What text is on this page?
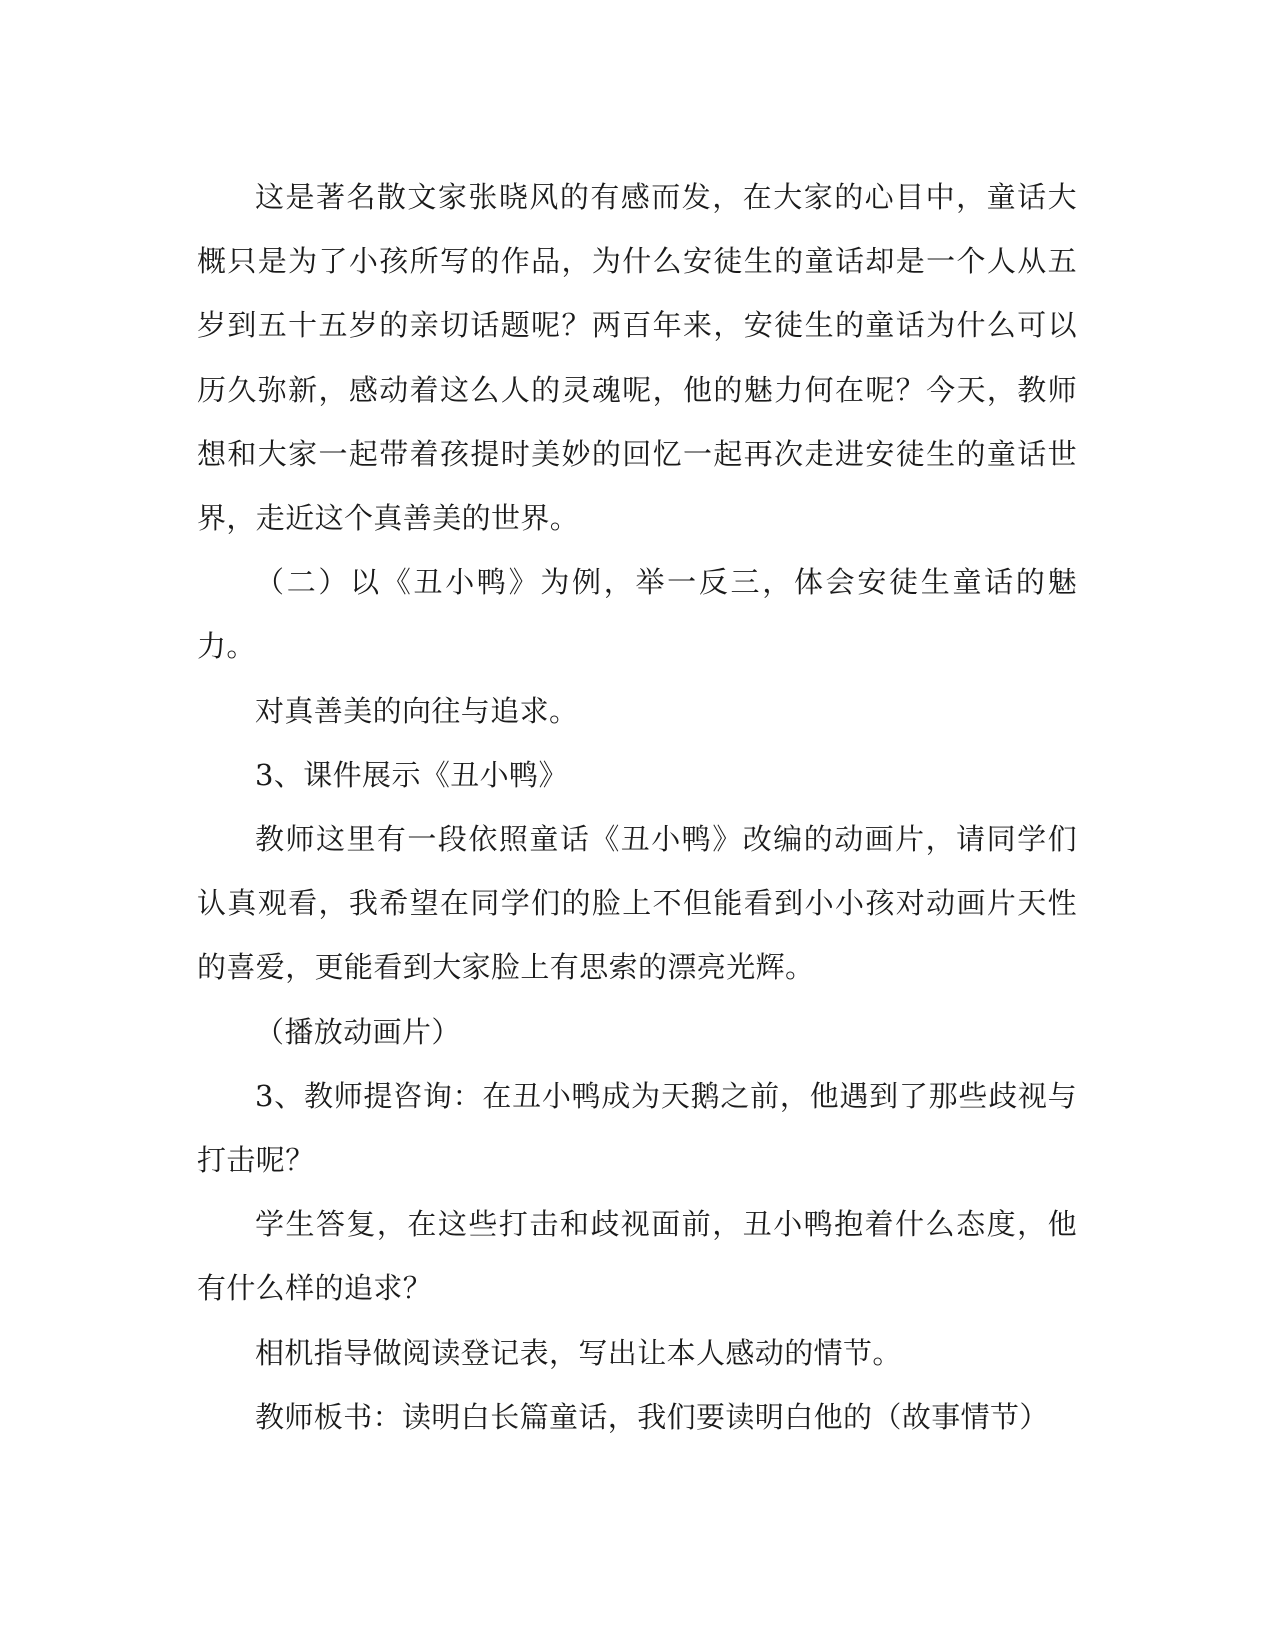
这是著名散文家张晓风的有感而发，在大家的心目中，童话大概只是为了小孩所写的作品，为什么安徒生的童话却是一个人从五岁到五十五岁的亲切话题呢？两百年来，安徒生的童话为什么可以历久弥新，感动着这么人的灵魂呢，他的魅力何在呢？今天，教师想和大家一起带着孩提时美妙的回忆一起再次走进安徒生的童话世界，走近这个真善美的世界。

（二）以《丑小鸭》为例，举一反三，体会安徒生童话的魅力。

对真善美的向往与追求。

3、课件展示《丑小鸭》

教师这里有一段依照童话《丑小鸭》改编的动画片，请同学们认真观看，我希望在同学们的脸上不但能看到小小孩对动画片天性的喜爱，更能看到大家脸上有思索的漂亮光辉。

（播放动画片）

3、教师提咨询：在丑小鸭成为天鹅之前，他遇到了那些歧视与打击呢？

学生答复，在这些打击和歧视面前，丑小鸭抱着什么态度，他有什么样的追求？

相机指导做阅读登记表，写出让本人感动的情节。

教师板书：读明白长篇童话，我们要读明白他的（故事情节）
